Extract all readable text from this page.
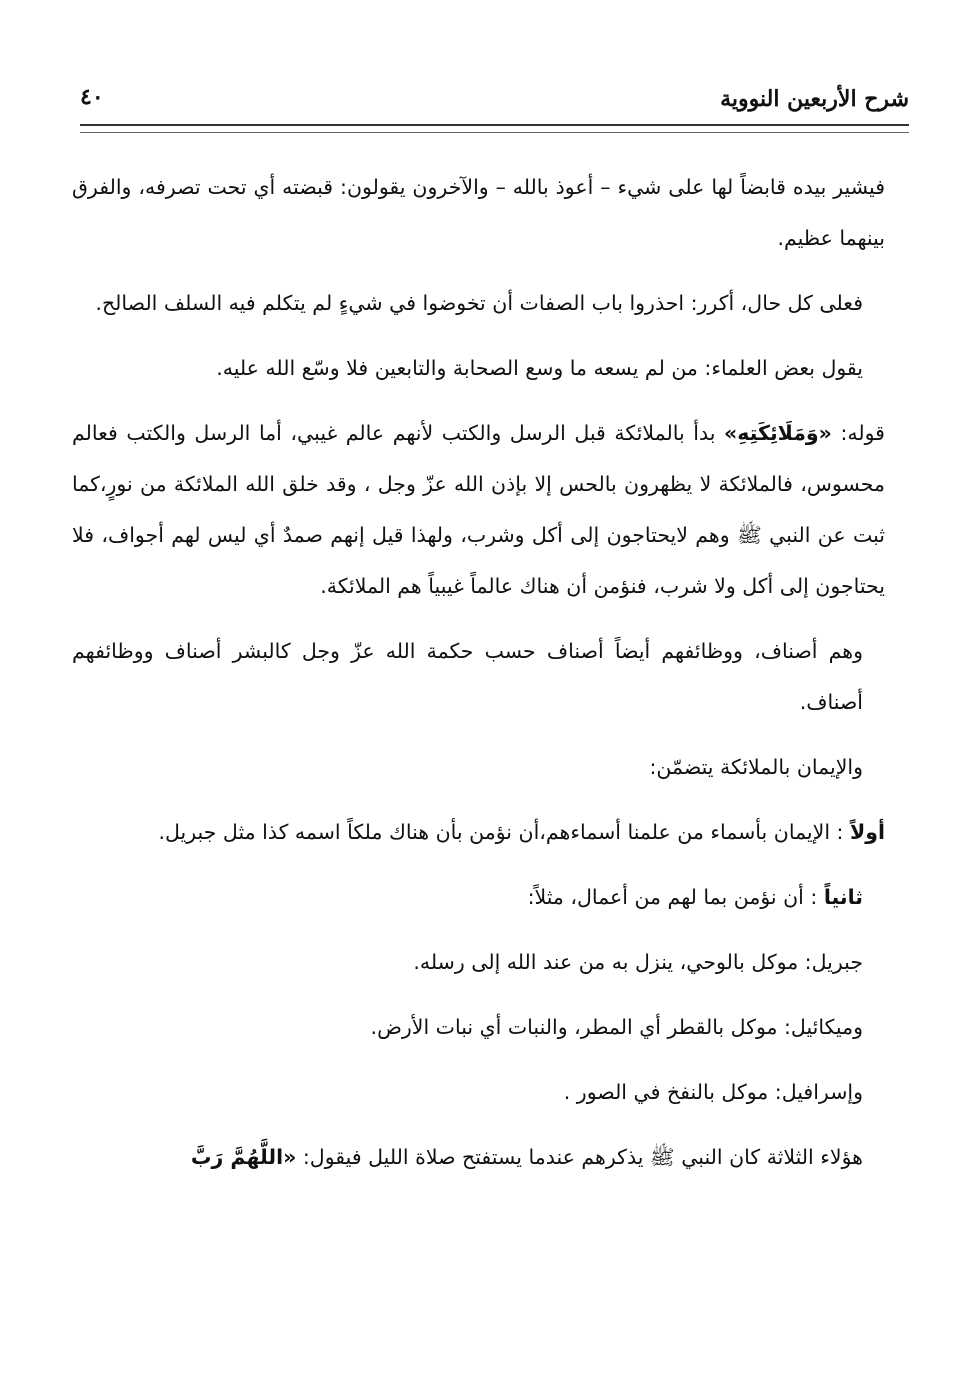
شرح الأربعين النووية
٤٠

فيشير بيده قابضاً لها على شيء – أعوذ بالله – والآخرون يقولون: قبضته أي تحت تصرفه، والفرق بينهما عظيم.

فعلى كل حال، أكرر: احذروا باب الصفات أن تخوضوا في شيءٍ لم يتكلم فيه السلف الصالح.

يقول بعض العلماء: من لم يسعه ما وسع الصحابة والتابعين فلا وسّع الله عليه.

قوله: «وَمَلَائِكَتِهِ» بدأ بالملائكة قبل الرسل والكتب لأنهم عالم غيبي، أما الرسل والكتب فعالم محسوس، فالملائكة لا يظهرون بالحس إلا بإذن الله عزّ وجل ، وقد خلق الله الملائكة من نورٍ،كما ثبت عن النبي ﷺ وهم لايحتاجون إلى أكل وشرب، ولهذا قيل إنهم صمدٌ أي ليس لهم أجواف، فلا يحتاجون إلى أكل ولا شرب، فنؤمن أن هناك عالماً غيبياً هم الملائكة.

وهم أصناف، ووظائفهم أيضاً أصناف حسب حكمة الله عزّ وجل كالبشر أصناف ووظائفهم أصناف.

والإيمان بالملائكة يتضمّن:

أولاً : الإيمان بأسماء من علمنا أسماءهم،أن نؤمن بأن هناك ملكاً اسمه كذا مثل جبريل.

ثانياً : أن نؤمن بما لهم من أعمال، مثلاً:

جبريل: موكل بالوحي، ينزل به من عند الله إلى رسله.

وميكائيل: موكل بالقطر أي المطر، والنبات أي نبات الأرض.

وإسرافيل: موكل بالنفخ في الصور .

هؤلاء الثلاثة كان النبي ﷺ يذكرهم عندما يستفتح صلاة الليل فيقول: «اللَّهُمَّ رَبَّ
